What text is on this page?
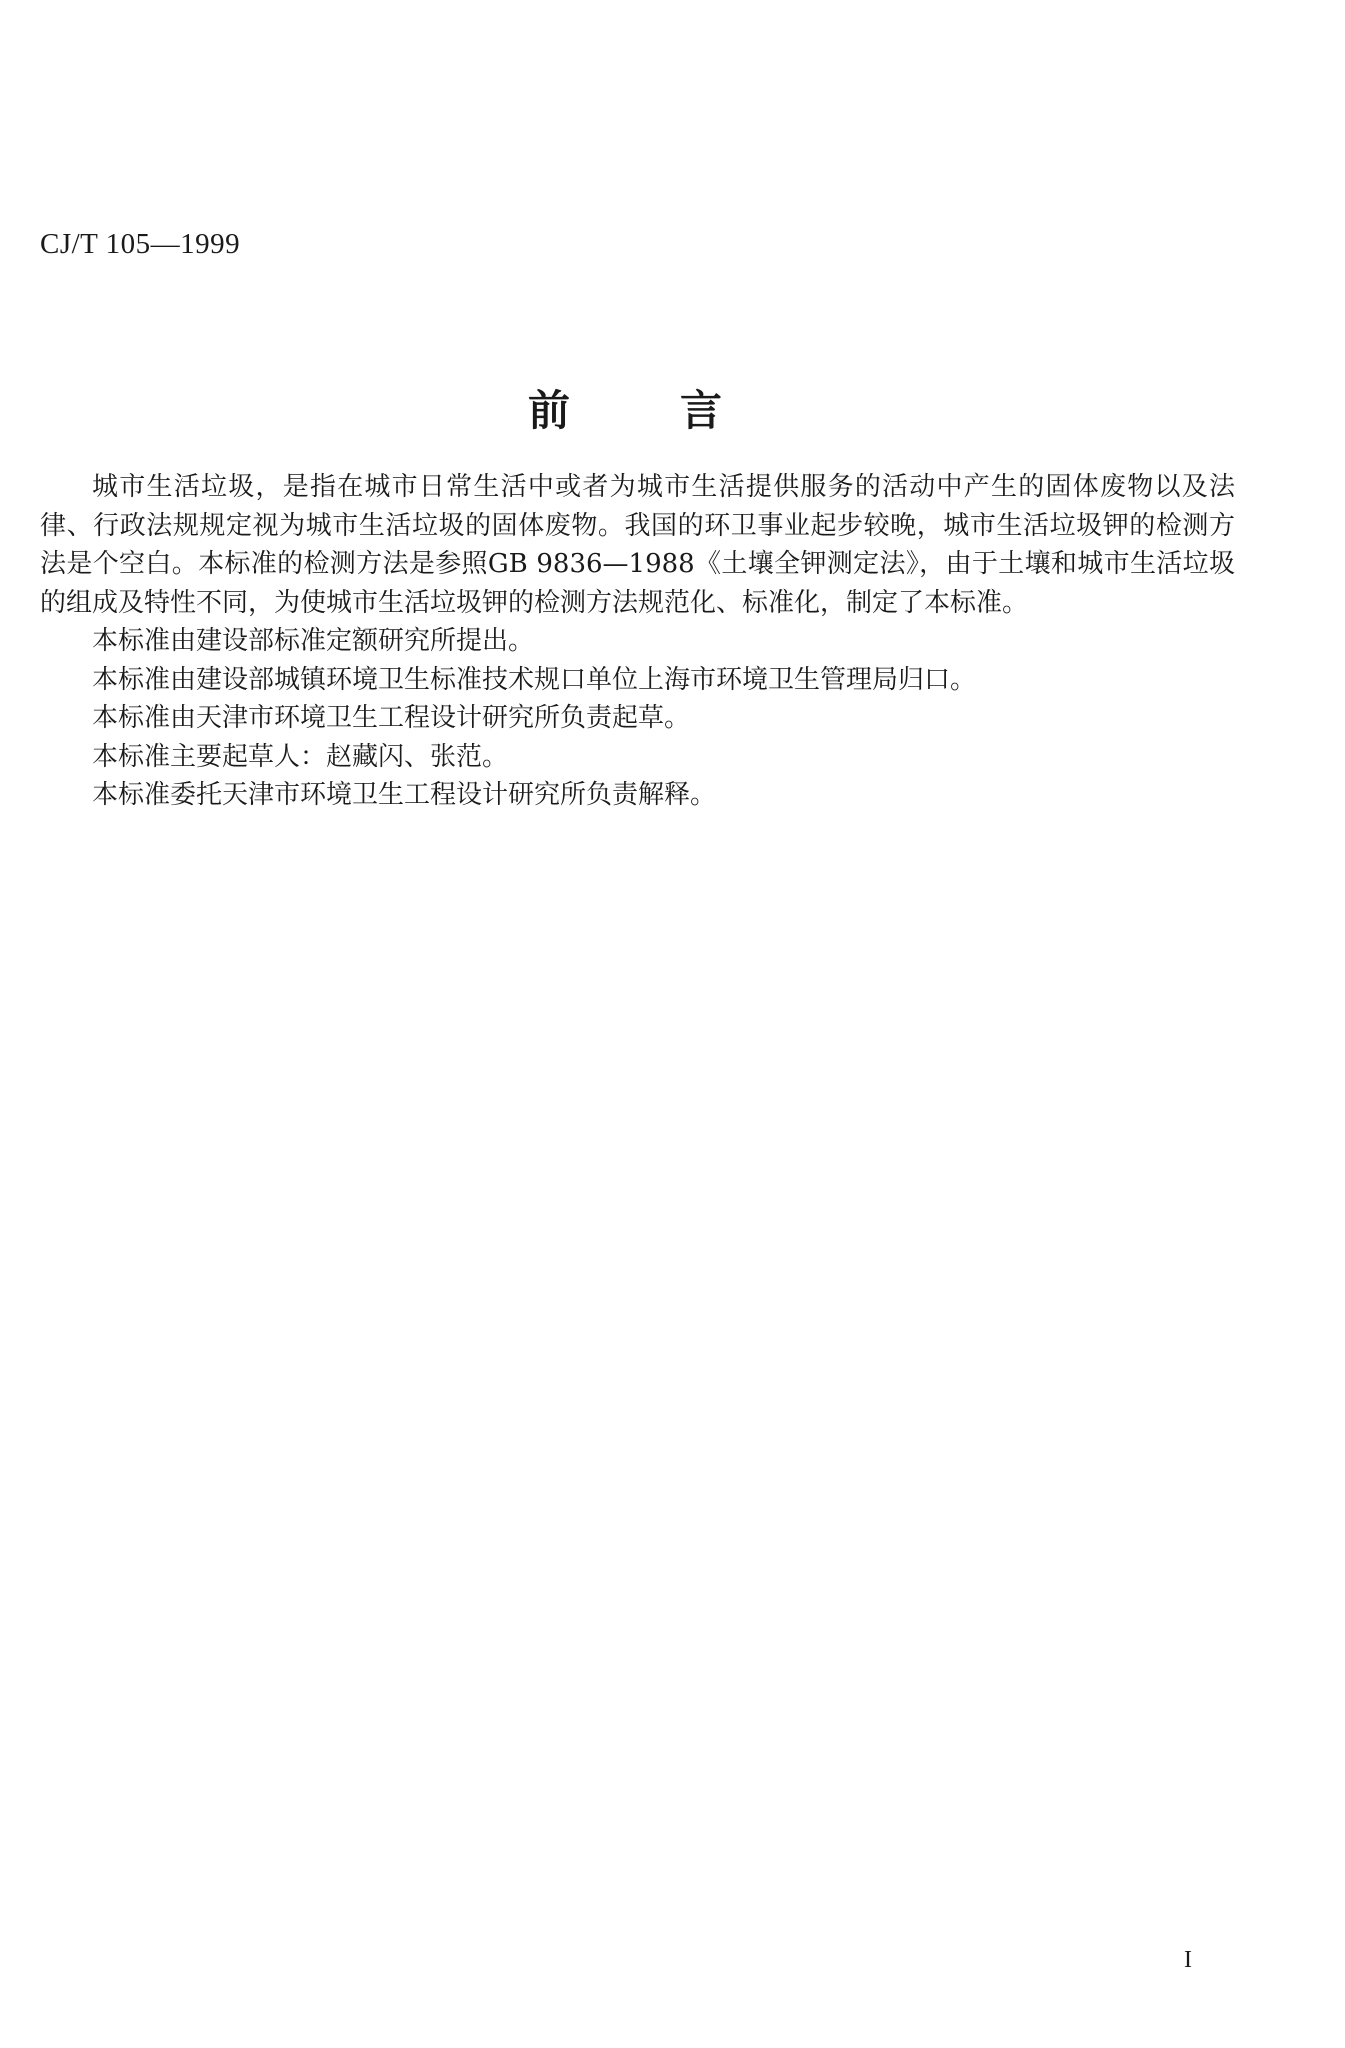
CJ/T 105—1999
前言

城市生活垃圾，是指在城市日常生活中或者为城市生活提供服务的活动中产生的固体废物以及法律、行政法规规定视为城市生活垃圾的固体废物。我国的环卫事业起步较晚，城市生活垃圾钾的检测方法是个空白。本标准的检测方法是参照GB 9836—1988《土壤全钾测定法》，由于土壤和城市生活垃圾的组成及特性不同，为使城市生活垃圾钾的检测方法规范化、标准化，制定了本标准。

本标准由建设部标准定额研究所提出。

本标准由建设部城镇环境卫生标准技术规口单位上海市环境卫生管理局归口。

本标准由天津市环境卫生工程设计研究所负责起草。

本标准主要起草人：赵藏闪、张范。

本标准委托天津市环境卫生工程设计研究所负责解释。

I
